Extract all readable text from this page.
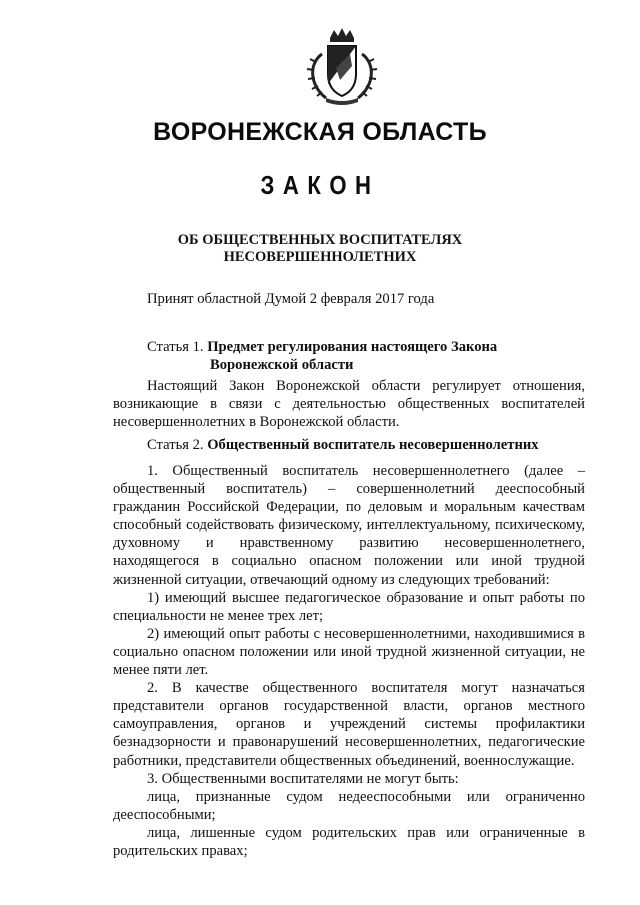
ВОРОНЕЖСКАЯ ОБЛАСТЬ
ЗАКОН
ОБ ОБЩЕСТВЕННЫХ ВОСПИТАТЕЛЯХ
НЕСОВЕРШЕННОЛЕТНИХ
Принят областной Думой 2 февраля 2017 года
Статья 1. Предмет регулирования настоящего Закона
Воронежской области
Настоящий Закон Воронежской области регулирует отношения, возникающие в связи с деятельностью общественных воспитателей несовершеннолетних в Воронежской области.
Статья 2. Общественный воспитатель несовершеннолетних
1. Общественный воспитатель несовершеннолетнего (далее – общественный воспитатель) – совершеннолетний дееспособный гражданин Российской Федерации, по деловым и моральным качествам способный содействовать физическому, интеллектуальному, психическому, духовному и нравственному развитию несовершеннолетнего, находящегося в социально опасном положении или иной трудной жизненной ситуации, отвечающий одному из следующих требований:
1) имеющий высшее педагогическое образование и опыт работы по специальности не менее трех лет;
2) имеющий опыт работы с несовершеннолетними, находившимися в социально опасном положении или иной трудной жизненной ситуации, не менее пяти лет.
2. В качестве общественного воспитателя могут назначаться представители органов государственной власти, органов местного самоуправления, органов и учреждений системы профилактики безнадзорности и правонарушений несовершеннолетних, педагогические работники, представители общественных объединений, военнослужащие.
3. Общественными воспитателями не могут быть:
лица, признанные судом недееспособными или ограниченно дееспособными;
лица, лишенные судом родительских прав или ограниченные в родительских правах;
